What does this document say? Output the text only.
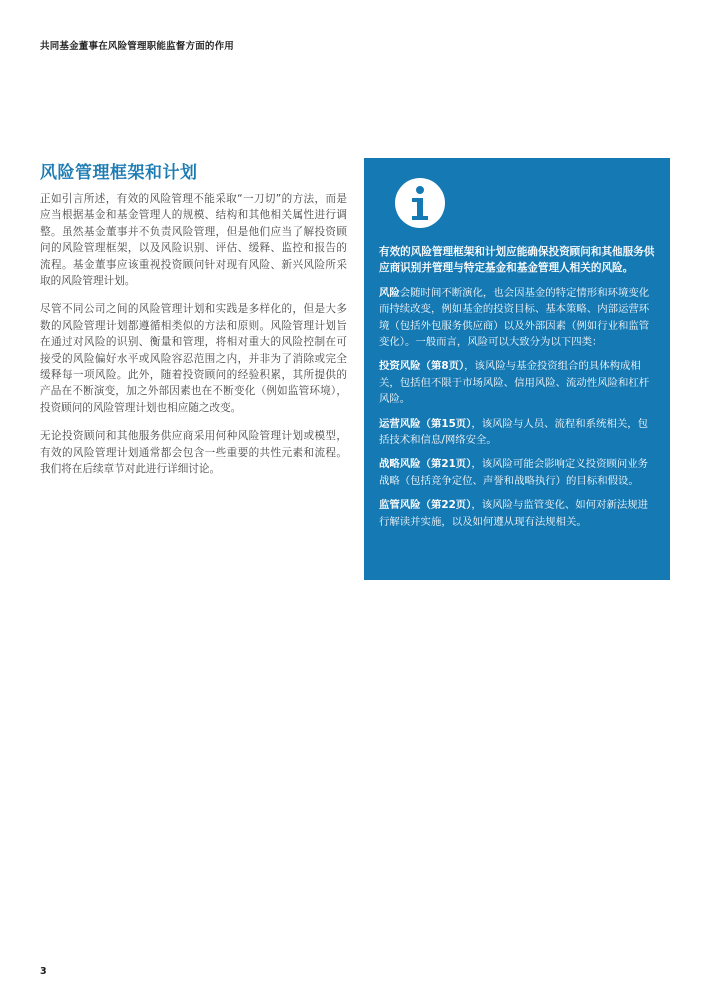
共同基金董事在风险管理职能监督方面的作用
风险管理框架和计划

正如引言所述，有效的风险管理不能采取“一刀切”的方法，而是应当根据基金和基金管理人的规模、结构和其他相关属性进行调整。虽然基金董事并不负责风险管理，但是他们应当了解投资顾问的风险管理框架，以及风险识别、评估、缓释、监控和报告的流程。基金董事应该重视投资顾问针对现有风险、新兴风险所采取的风险管理计划。

尽管不同公司之间的风险管理计划和实践是多样化的，但是大多数的风险管理计划都遵循相类似的方法和原则。风险管理计划旨在通过对风险的识别、衡量和管理，将相对重大的风险控制在可接受的风险偏好水平或风险容忍范围之内，并非为了消除或完全缓释每一项风险。此外，随着投资顾问的经验积累，其所提供的产品在不断演变，加之外部因素也在不断变化（例如监管环境），投资顾问的风险管理计划也相应随之改变。

无论投资顾问和其他服务供应商采用何种风险管理计划或模型，有效的风险管理计划通常都会包含一些重要的共性元素和流程。我们将在后续章节对此进行详细讨论。

有效的风险管理框架和计划应能确保投资顾问和其他服务供应商识别并管理与特定基金和基金管理人相关的风险。

风险会随时间不断演化，也会因基金的特定情形和环境变化而持续改变，例如基金的投资目标、基本策略、内部运营环境（包括外包服务供应商）以及外部因素（例如行业和监管变化）。一般而言，风险可以大致分为以下四类：

投资风险（第8页），该风险与基金投资组合的具体构成相关，包括但不限于市场风险、信用风险、流动性风险和杠杆风险。

运营风险（第15页），该风险与人员、流程和系统相关，包括技术和信息/网络安全。

战略风险（第21页），该风险可能会影响定义投资顾问业务战略（包括竞争定位、声誉和战略执行）的目标和假设。

监管风险（第22页），该风险与监管变化、如何对新法规进行解读并实施，以及如何遵从现有法规相关。

3
